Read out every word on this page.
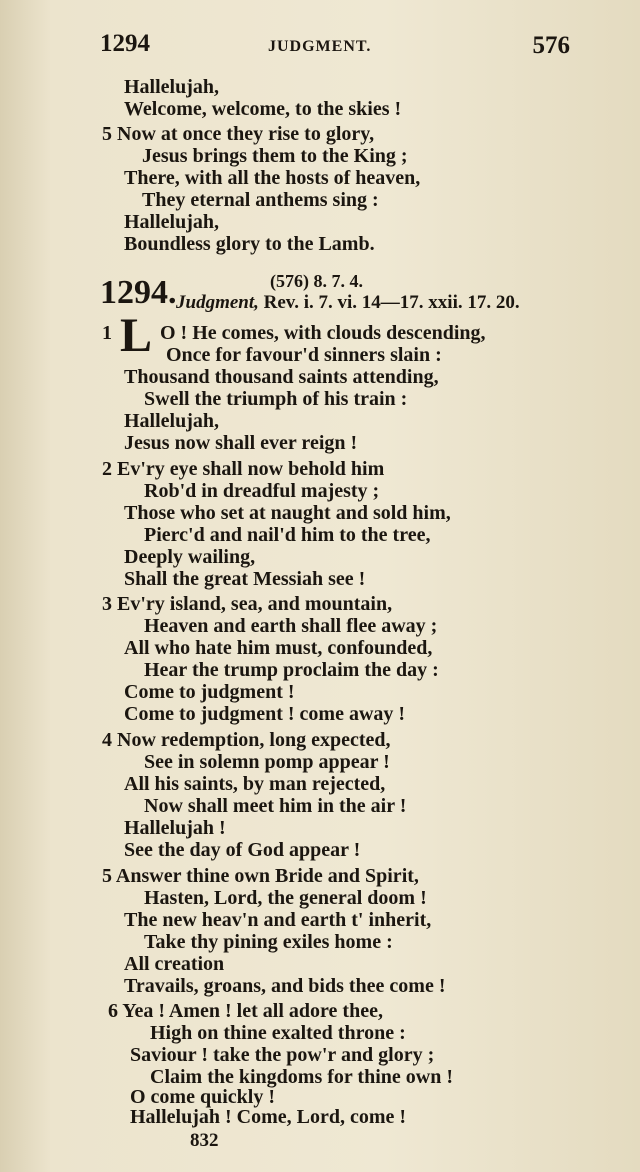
1294	JUDGMENT.	576
Hallelujah,
Welcome, welcome, to the skies !
5 Now at once they rise to glory,
Jesus brings them to the King ;
There, with all the hosts of heaven,
They eternal anthems sing :
Hallelujah,
Boundless glory to the Lamb.
1294.	(576) 8. 7. 4.
Judgment, Rev. i. 7. vi. 14—17. xxii. 17. 20.
1 L O ! He comes, with clouds descending,
Once for favour'd sinners slain :
Thousand thousand saints attending,
Swell the triumph of his train :
Hallelujah,
Jesus now shall ever reign !
2 Ev'ry eye shall now behold him
Rob'd in dreadful majesty ;
Those who set at naught and sold him,
Pierc'd and nail'd him to the tree,
Deeply wailing,
Shall the great Messiah see !
3 Ev'ry island, sea, and mountain,
Heaven and earth shall flee away ;
All who hate him must, confounded,
Hear the trump proclaim the day :
Come to judgment !
Come to judgment ! come away !
4 Now redemption, long expected,
See in solemn pomp appear !
All his saints, by man rejected,
Now shall meet him in the air !
Hallelujah !
See the day of God appear !
5 Answer thine own Bride and Spirit,
Hasten, Lord, the general doom !
The new heav'n and earth t' inherit,
Take thy pining exiles home :
All creation
Travails, groans, and bids thee come !
6 Yea ! Amen ! let all adore thee,
High on thine exalted throne :
Saviour ! take the pow'r and glory ;
Claim the kingdoms for thine own !
O come quickly !
Hallelujah ! Come, Lord, come !
832
